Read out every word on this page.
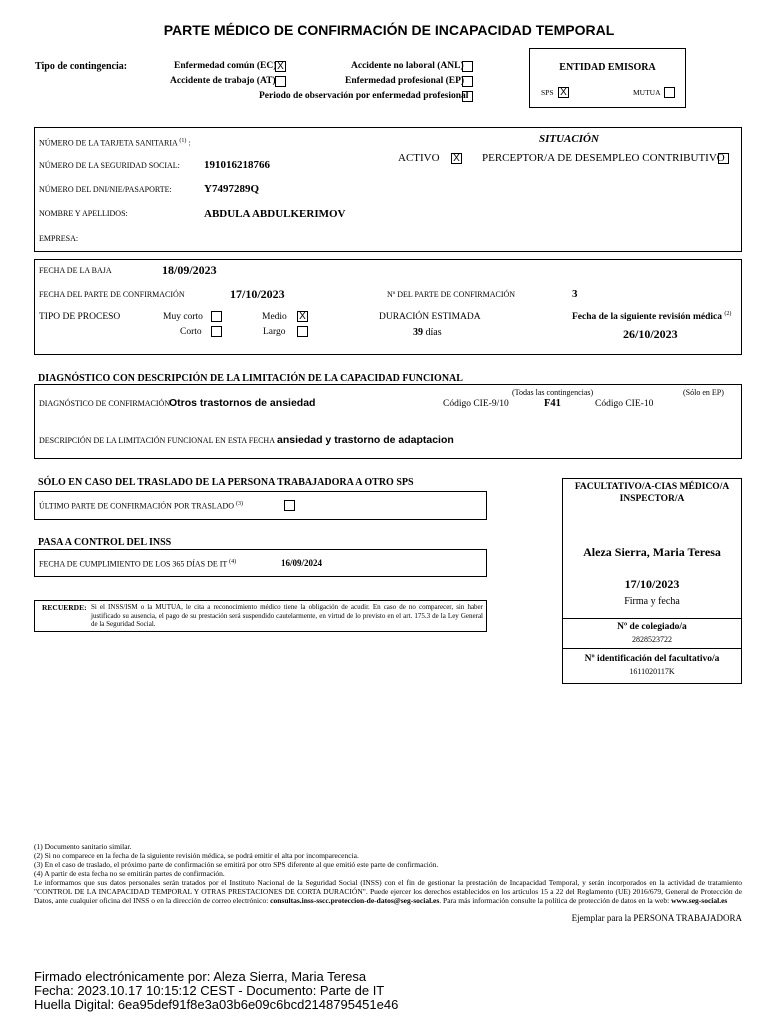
PARTE MÉDICO DE CONFIRMACIÓN DE INCAPACIDAD TEMPORAL
Tipo de contingencia:	Enfermedad común (EC) X
Accidente de trabajo (AT)
Accidente no laboral (ANL)
Enfermedad profesional (EP)
Periodo de observación por enfermedad profesional
ENTIDAD EMISORA
SPS X	MUTUA
NÚMERO DE LA TARJETA SANITARIA $^{(1)}$ :
NÚMERO DE LA SEGURIDAD SOCIAL: 191016218766
NÚMERO DEL DNI/NIE/PASAPORTE:	Y7497289Q
NOMBRE Y APELLIDOS:	ABDULA ABDULKERIMOV
EMPRESA:
SITUACIÓN
ACTIVO X PERCEPTOR/A DE DESEMPLEO CONTRIBUTIVO
FECHA DE LA BAJA	18/09/2023
FECHA DEL PARTE DE CONFIRMACIÓN	17/10/2023	Nº DEL PARTE DE CONFIRMACIÓN	3
TIPO DE PROCESO	Muy corto	Medio X
Corto	Largo
DURACIÓN ESTIMADA
39 días
Fecha de la siguiente revisión médica $^{(2)}$
26/10/2023
DIAGNÓSTICO CON DESCRIPCIÓN DE LA LIMITACIÓN DE LA CAPACIDAD FUNCIONAL
(Todas las contingencias)	(Sólo en EP)
DIAGNÓSTICO DE CONFIRMACIÓN
Otros trastornos de ansiedad	Código CIE-9/10	F41	Código CIE-10
DESCRIPCIÓN DE LA LIMITACIÓN FUNCIONAL EN ESTA FECHA ansiedad y trastorno de adaptacion
SÓLO EN CASO DEL TRASLADO DE LA PERSONA TRABAJADORA A OTRO SPS
ÚLTIMO PARTE DE CONFIRMACIÓN POR TRASLADO $^{(3)}$
PASA A CONTROL DEL INSS
FECHA DE CUMPLIMIENTO DE LOS 365 DÍAS DE IT $^{(4)}$	16/09/2024
RECUERDE: Si el INSS/ISM o la MUTUA, le cita a reconocimiento médico tiene la obligación de acudir. En caso de no comparecer, sin haber justificado su ausencia, el pago de su prestación será suspendido cautelarmente, en virtud de lo previsto en el art. 175.3 de la Ley General de la Seguridad Social.
FACULTATIVO/A-CIAS MÉDICO/A INSPECTOR/A
Aleza Sierra, Maria Teresa
17/10/2023
Firma y fecha
Nº de colegiado/a
2828523722
Nº identificación del facultativo/a
1611020117K
(1) Documento sanitario similar.
(2) Si no comparece en la fecha de la siguiente revisión médica, se podrá emitir el alta por incomparecencia.
(3) En el caso de traslado, el próximo parte de confirmación se emitirá por otro SPS diferente al que emitió este parte de confirmación.
(4) A partir de esta fecha no se emitirán partes de confirmación.
Le informamos que sus datos personales serán tratados por el Instituto Nacional de la Seguridad Social (INSS) con el fin de gestionar la prestación de Incapacidad Temporal, y serán incorporados en la actividad de tratamiento "CONTROL DE LA INCAPACIDAD TEMPORAL Y OTRAS PRESTACIONES DE CORTA DURACIÓN". Puede ejercer los derechos establecidos en los artículos 15 a 22 del Reglamento (UE) 2016/679, General de Protección de Datos, ante cualquier oficina del INSS o en la dirección de correo electrónico: consultas.inss-sscc.proteccion-de-datos@seg-social.es. Para más información consulte la política de protección de datos en la web: www.seg-social.es
Ejemplar para la PERSONA TRABAJADORA
Firmado electrónicamente por: Aleza Sierra, Maria Teresa
Fecha: 2023.10.17 10:15:12 CEST - Documento: Parte de IT
Huella Digital: 6ea95def91f8e3a03b6e09c6bcd2148795451e46
